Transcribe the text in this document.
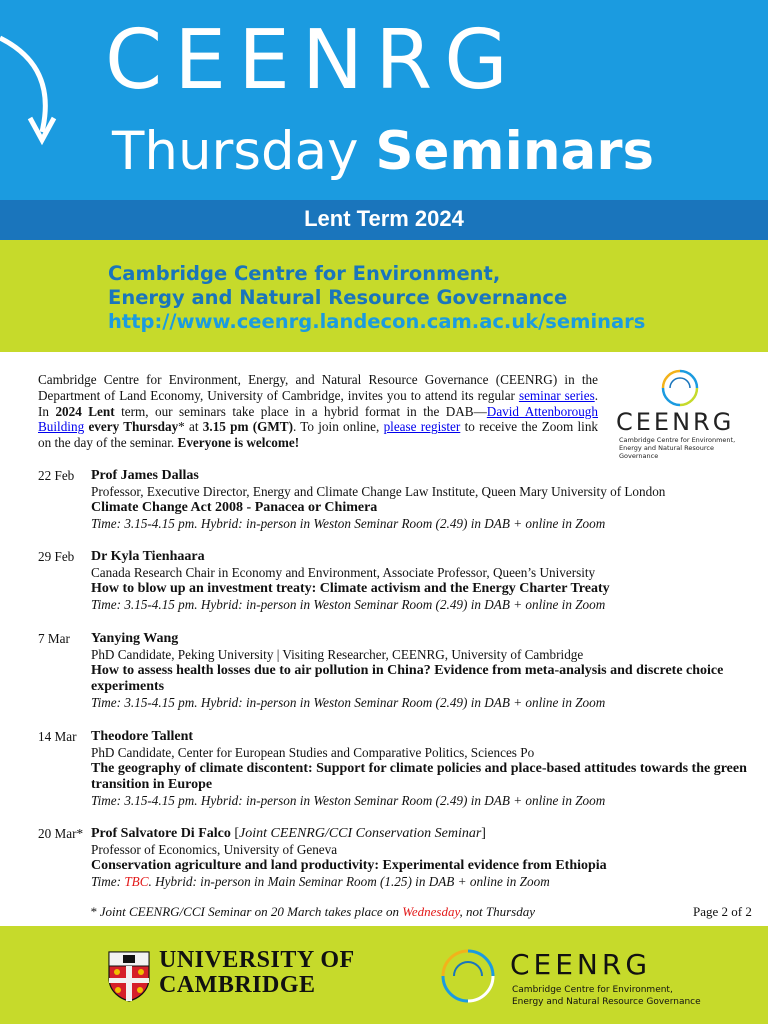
CEENRG
Thursday Seminars
Lent Term 2024
Cambridge Centre for Environment,
Energy and Natural Resource Governance
http://www.ceenrg.landecon.cam.ac.uk/seminars
Cambridge Centre for Environment, Energy, and Natural Resource Governance (CEENRG) in the Department of Land Economy, University of Cambridge, invites you to attend its regular seminar series. In 2024 Lent term, our seminars take place in a hybrid format in the DAB—David Attenborough Building every Thursday* at 3.15 pm (GMT). To join online, please register to receive the Zoom link on the day of the seminar. Everyone is welcome!
CEENRG
Cambridge Centre for Environment,
Energy and Natural Resource Governance
22 Feb	Prof James Dallas
Professor, Executive Director, Energy and Climate Change Law Institute, Queen Mary University of London
Climate Change Act 2008 - Panacea or Chimera
Time: 3.15-4.15 pm. Hybrid: in-person in Weston Seminar Room (2.49) in DAB + online in Zoom
29 Feb	Dr Kyla Tienhaara
Canada Research Chair in Economy and Environment, Associate Professor, Queen’s University
How to blow up an investment treaty: Climate activism and the Energy Charter Treaty
Time: 3.15-4.15 pm. Hybrid: in-person in Weston Seminar Room (2.49) in DAB + online in Zoom
7 Mar	Yanying Wang
PhD Candidate, Peking University | Visiting Researcher, CEENRG, University of Cambridge
How to assess health losses due to air pollution in China? Evidence from meta-analysis and discrete choice experiments
Time: 3.15-4.15 pm. Hybrid: in-person in Weston Seminar Room (2.49) in DAB + online in Zoom
14 Mar	Theodore Tallent
PhD Candidate, Center for European Studies and Comparative Politics, Sciences Po
The geography of climate discontent: Support for climate policies and place-based attitudes towards the green transition in Europe
Time: 3.15-4.15 pm. Hybrid: in-person in Weston Seminar Room (2.49) in DAB + online in Zoom
20 Mar* Prof Salvatore Di Falco [Joint CEENRG/CCI Conservation Seminar]
Professor of Economics, University of Geneva
Conservation agriculture and land productivity: Experimental evidence from Ethiopia
Time: TBC. Hybrid: in-person in Main Seminar Room (1.25) in DAB + online in Zoom
* Joint CEENRG/CCI Seminar on 20 March takes place on Wednesday, not Thursday	Page 2 of 2
UNIVERSITY OF
CAMBRIDGE
CEENRG
Cambridge Centre for Environment,
Energy and Natural Resource Governance
